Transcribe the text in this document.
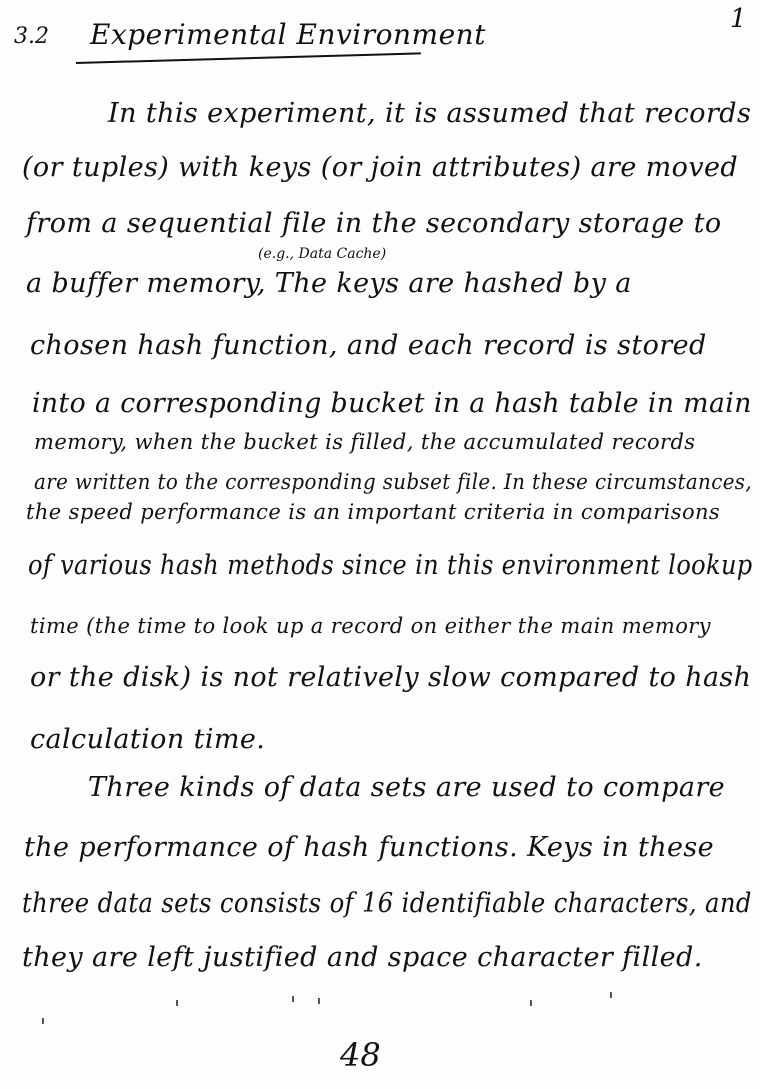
1
3.2 Experimental Environment
In this experiment, it is assumed that records
(or tuples) with keys (or join attributes) are moved
from a sequential file in the secondary storage to
(e.g., Data Cache)
a buffer memory, The keys are hashed by a
chosen hash function, and each record is stored
into a corresponding bucket in a hash table in main
memory, when the bucket is filled, the accumulated records
are written to the corresponding subset file. In these circumstances,
the speed performance is an important criteria in comparisons
of various hash methods since in this environment lookup
time (the time to look up a record on either the main memory
or the disk) is not relatively slow compared to hash
calculation time.
Three kinds of data sets are used to compare
the performance of hash functions. Keys in these
three data sets consists of 16 identifiable characters, and
they are left justified and space character filled.
48
